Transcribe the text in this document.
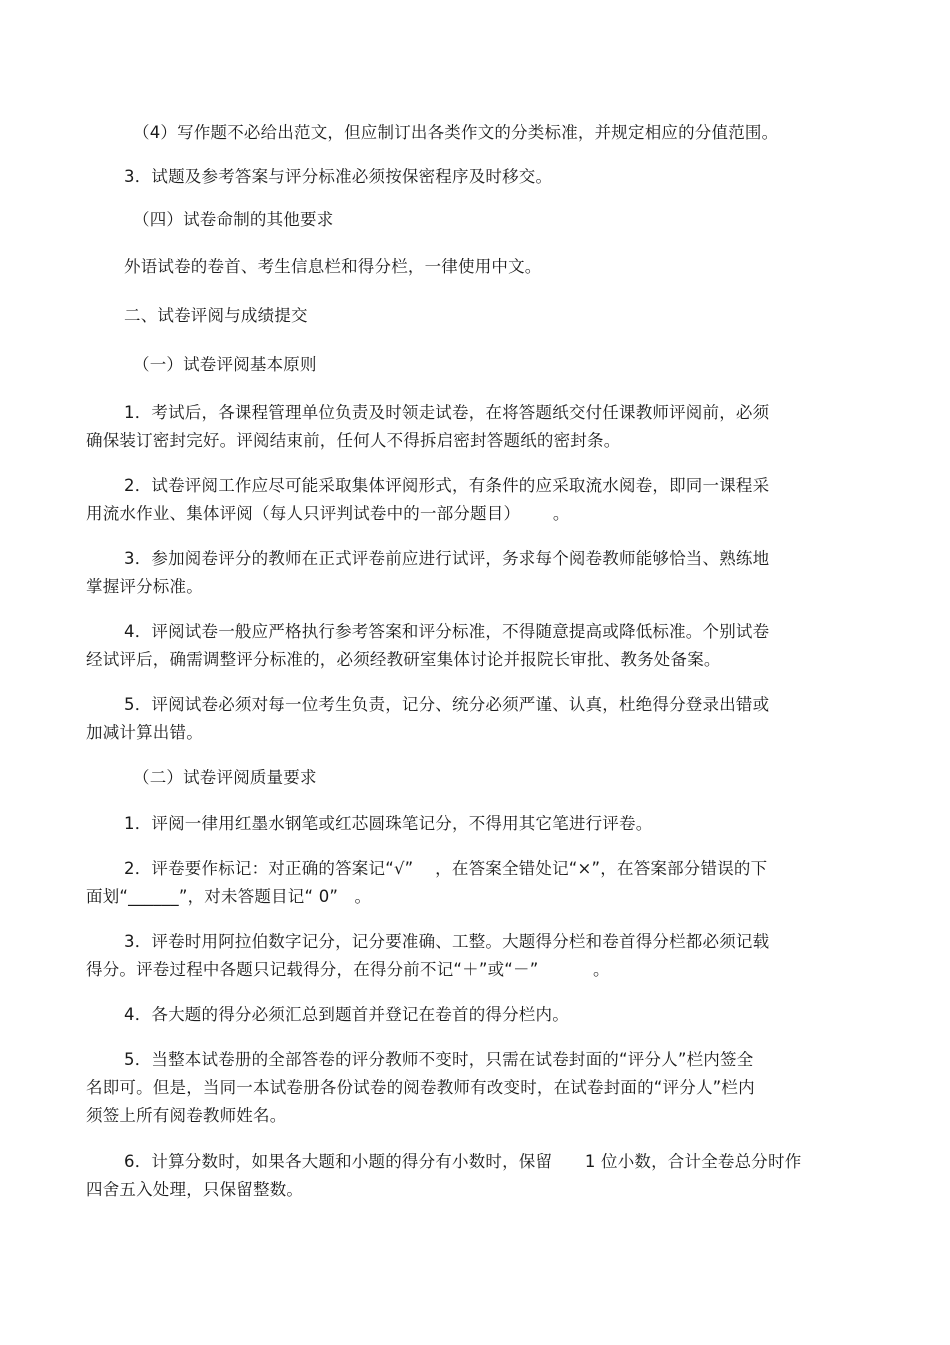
（4）写作题不必给出范文，但应制订出各类作文的分类标准，并规定相应的分值范围。
3．试题及参考答案与评分标准必须按保密程序及时移交。
（四）试卷命制的其他要求
外语试卷的卷首、考生信息栏和得分栏，一律使用中文。
二、试卷评阅与成绩提交
（一）试卷评阅基本原则
1．考试后，各课程管理单位负责及时领走试卷，在将答题纸交付任课教师评阅前，必须
确保装订密封完好。评阅结束前，任何人不得拆启密封答题纸的密封条。
2．试卷评阅工作应尽可能采取集体评阅形式，有条件的应采取流水阅卷，即同一课程采
用流水作业、集体评阅（每人只评判试卷中的一部分题目）      。
3．参加阅卷评分的教师在正式评卷前应进行试评，务求每个阅卷教师能够恰当、熟练地
掌握评分标准。
4．评阅试卷一般应严格执行参考答案和评分标准，不得随意提高或降低标准。个别试卷
经试评后，确需调整评分标准的，必须经教研室集体讨论并报院长审批、教务处备案。
5．评阅试卷必须对每一位考生负责，记分、统分必须严谨、认真，杜绝得分登录出错或
加减计算出错。
（二）试卷评阅质量要求
1．评阅一律用红墨水钢笔或红芯圆珠笔记分，不得用其它笔进行评卷。
2．评卷要作标记：对正确的答案记“√”    ，在答案全错处记“×”，在答案部分错误的下
面划“______”，对未答题目记“ 0”   。
3．评卷时用阿拉伯数字记分，记分要准确、工整。大题得分栏和卷首得分栏都必须记载
得分。评卷过程中各题只记载得分，在得分前不记“＋”或“－”          。
4．各大题的得分必须汇总到题首并登记在卷首的得分栏内。
5．当整本试卷册的全部答卷的评分教师不变时，只需在试卷封面的“评分人”栏内签全
名即可。但是，当同一本试卷册各份试卷的阅卷教师有改变时，在试卷封面的“评分人”栏内
须签上所有阅卷教师姓名。
6．计算分数时，如果各大题和小题的得分有小数时，保留      1 位小数，合计全卷总分时作
四舍五入处理，只保留整数。
